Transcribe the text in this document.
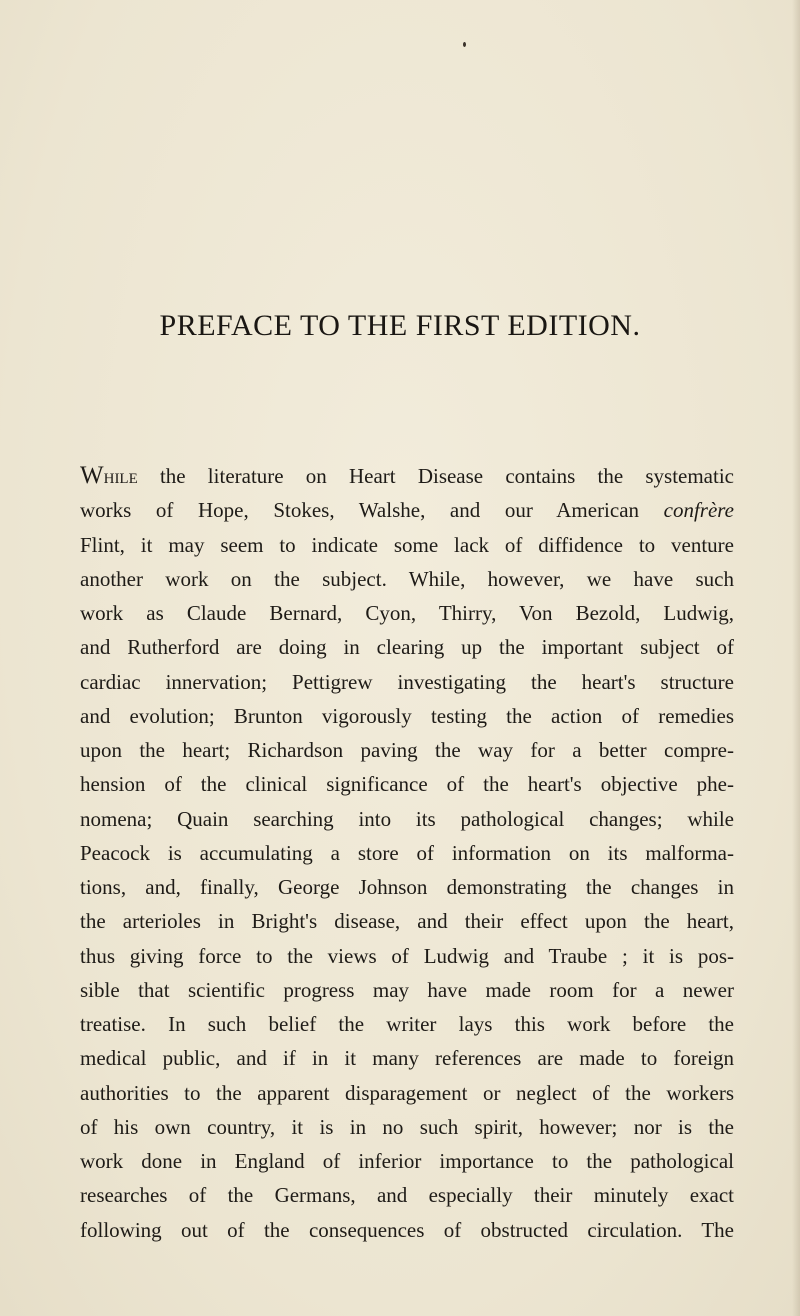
PREFACE TO THE FIRST EDITION.
While the literature on Heart Disease contains the systematic
works of Hope, Stokes, Walshe, and our American confrère
Flint, it may seem to indicate some lack of diffidence to venture
another work on the subject. While, however, we have such
work as Claude Bernard, Cyon, Thirry, Von Bezold, Ludwig,
and Rutherford are doing in clearing up the important subject of
cardiac innervation; Pettigrew investigating the heart's structure
and evolution; Brunton vigorously testing the action of remedies
upon the heart; Richardson paving the way for a better compre-
hension of the clinical significance of the heart's objective phe-
nomena; Quain searching into its pathological changes; while
Peacock is accumulating a store of information on its malforma-
tions, and, finally, George Johnson demonstrating the changes in
the arterioles in Bright's disease, and their effect upon the heart,
thus giving force to the views of Ludwig and Traube ; it is pos-
sible that scientific progress may have made room for a newer
treatise. In such belief the writer lays this work before the
medical public, and if in it many references are made to foreign
authorities to the apparent disparagement or neglect of the workers
of his own country, it is in no such spirit, however; nor is the
work done in England of inferior importance to the pathological
researches of the Germans, and especially their minutely exact
following out of the consequences of obstructed circulation. The
